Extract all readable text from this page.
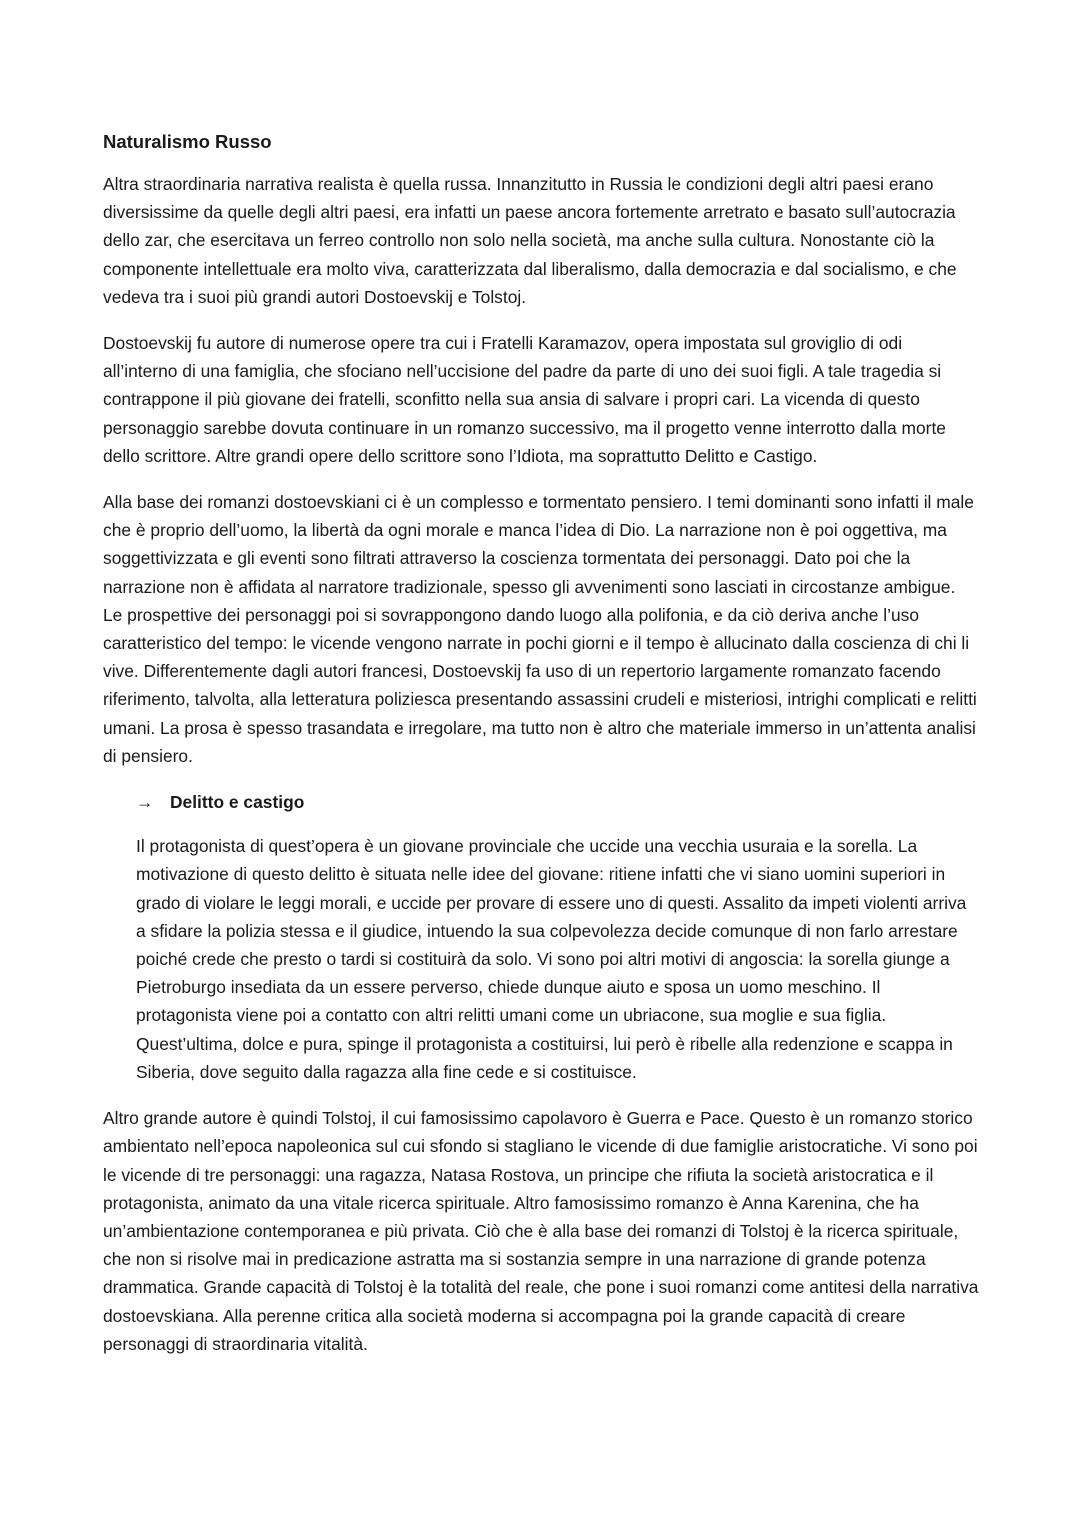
Naturalismo Russo

Altra straordinaria narrativa realista è quella russa. Innanzitutto in Russia le condizioni degli altri paesi erano diversissime da quelle degli altri paesi, era infatti un paese ancora fortemente arretrato e basato sull’autocrazia dello zar, che esercitava un ferreo controllo non solo nella società, ma anche sulla cultura. Nonostante ciò la componente intellettuale era molto viva, caratterizzata dal liberalismo, dalla democrazia e dal socialismo, e che vedeva tra i suoi più grandi autori Dostoevskij e Tolstoj.

Dostoevskij fu autore di numerose opere tra cui i Fratelli Karamazov, opera impostata sul groviglio di odi all’interno di una famiglia, che sfociano nell’uccisione del padre da parte di uno dei suoi figli. A tale tragedia si contrappone il più giovane dei fratelli, sconfitto nella sua ansia di salvare i propri cari. La vicenda di questo personaggio sarebbe dovuta continuare in un romanzo successivo, ma il progetto venne interrotto dalla morte dello scrittore. Altre grandi opere dello scrittore sono l’Idiota, ma soprattutto Delitto e Castigo.

Alla base dei romanzi dostoevskiani ci è un complesso e tormentato pensiero. I temi dominanti sono infatti il male che è proprio dell’uomo, la libertà da ogni morale e manca l’idea di Dio. La narrazione non è poi oggettiva, ma soggettivizzata e gli eventi sono filtrati attraverso la coscienza tormentata dei personaggi. Dato poi che la narrazione non è affidata al narratore tradizionale, spesso gli avvenimenti sono lasciati in circostanze ambigue. Le prospettive dei personaggi poi si sovrappongono dando luogo alla polifonia, e da ciò deriva anche l’uso caratteristico del tempo: le vicende vengono narrate in pochi giorni e il tempo è allucinato dalla coscienza di chi li vive. Differentemente dagli autori francesi, Dostoevskij fa uso di un repertorio largamente romanzato facendo riferimento, talvolta, alla letteratura poliziesca presentando assassini crudeli e misteriosi, intrighi complicati e relitti umani. La prosa è spesso trasandata e irregolare, ma tutto non è altro che materiale immerso in un’attenta analisi di pensiero.

→ Delitto e castigo

Il protagonista di quest’opera è un giovane provinciale che uccide una vecchia usuraia e la sorella. La motivazione di questo delitto è situata nelle idee del giovane: ritiene infatti che vi siano uomini superiori in grado di violare le leggi morali, e uccide per provare di essere uno di questi. Assalito da impeti violenti arriva a sfidare la polizia stessa e il giudice, intuendo la sua colpevolezza decide comunque di non farlo arrestare poiché crede che presto o tardi si costituirà da solo. Vi sono poi altri motivi di angoscia: la sorella giunge a Pietroburgo insediata da un essere perverso, chiede dunque aiuto e sposa un uomo meschino. Il protagonista viene poi a contatto con altri relitti umani come un ubriacone, sua moglie e sua figlia. Quest’ultima, dolce e pura, spinge il protagonista a costituirsi, lui però è ribelle alla redenzione e scappa in Siberia, dove seguito dalla ragazza alla fine cede e si costituisce.

Altro grande autore è quindi Tolstoj, il cui famosissimo capolavoro è Guerra e Pace. Questo è un romanzo storico ambientato nell’epoca napoleonica sul cui sfondo si stagliano le vicende di due famiglie aristocratiche. Vi sono poi le vicende di tre personaggi: una ragazza, Natasa Rostova, un principe che rifiuta la società aristocratica e il protagonista, animato da una vitale ricerca spirituale. Altro famosissimo romanzo è Anna Karenina, che ha un’ambientazione contemporanea e più privata. Ciò che è alla base dei romanzi di Tolstoj è la ricerca spirituale, che non si risolve mai in predicazione astratta ma si sostanzia sempre in una narrazione di grande potenza drammatica. Grande capacità di Tolstoj è la totalità del reale, che pone i suoi romanzi come antitesi della narrativa dostoevskiana. Alla perenne critica alla società moderna si accompagna poi la grande capacità di creare personaggi di straordinaria vitalità.
